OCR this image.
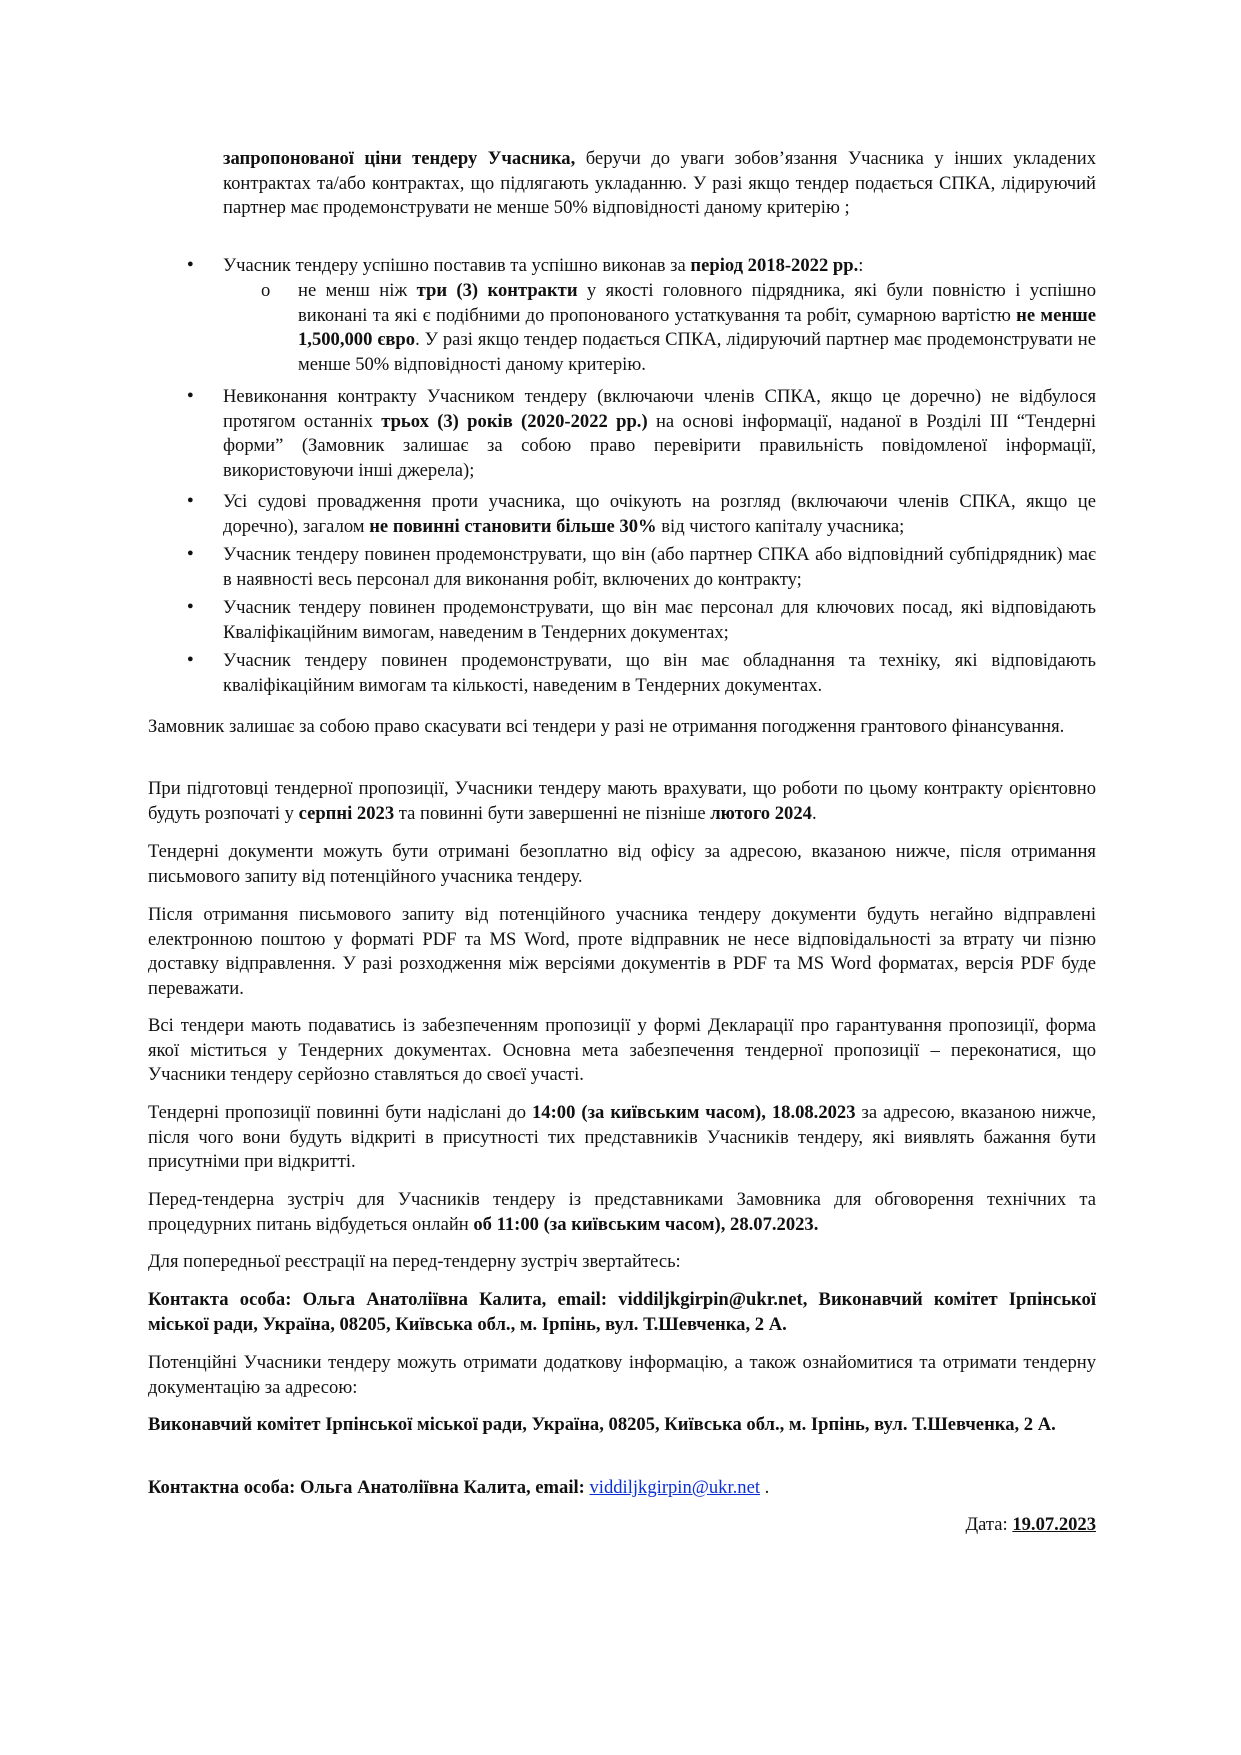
запропонованої ціни тендеру Учасника, беручи до уваги зобов’язання Учасника у інших укладених контрактах та/або контрактах, що підлягають укладанню. У разі якщо тендер подається СПКА, лідируючий партнер має продемонструвати не менше 50% відповідності даному критерію ;

● Учасник тендеру успішно поставив та успішно виконав за період 2018-2022 рр.:

o не менш ніж три (3) контракти у якості головного підрядника, які були повністю і успішно виконані та які є подібними до пропонованого устаткування та робіт, сумарною вартістю не менше 1,500,000 євро. У разі якщо тендер подається СПКА, лідируючий партнер має продемонструвати не менше 50% відповідності даному критерію.

● Невиконання контракту Учасником тендеру (включаючи членів СПКА, якщо це доречно) не відбулося протягом останніх трьох (3) років (2020-2022 рр.) на основі інформації, наданої в Розділі III “Тендерні форми” (Замовник залишає за собою право перевірити правильність повідомленої інформації, використовуючи інші джерела);

● Усі судові провадження проти учасника, що очікують на розгляд (включаючи членів СПКА, якщо це доречно), загалом не повинні становити більше 30% від чистого капіталу учасника;

● Учасник тендеру повинен продемонструвати, що він (або партнер СПКА або відповідний субпідрядник) має в наявності весь персонал для виконання робіт, включених до контракту;

● Учасник тендеру повинен продемонструвати, що він має персонал для ключових посад, які відповідають Кваліфікаційним вимогам, наведеним в Тендерних документах;

● Учасник тендеру повинен продемонструвати, що він має обладнання та техніку, які відповідають кваліфікаційним вимогам та кількості, наведеним в Тендерних документах.

Замовник залишає за собою право скасувати всі тендери у разі не отримання погодження грантового фінансування.

При підготовці тендерної пропозиції, Учасники тендеру мають врахувати, що роботи по цьому контракту орієнтовно будуть розпочаті у серпні 2023 та повинні бути завершенні не пізніше лютого 2024.

Тендерні документи можуть бути отримані безоплатно від офісу за адресою, вказаною нижче, після отримання письмового запиту від потенційного учасника тендеру.

Після отримання письмового запиту від потенційного учасника тендеру документи будуть негайно відправлені електронною поштою у форматі PDF та MS Word, проте відправник не несе відповідальності за втрату чи пізню доставку відправлення. У разі розходження між версіями документів в PDF та MS Word форматах, версія PDF буде переважати.

Всі тендери мають подаватись із забезпеченням пропозиції у формі Декларації про гарантування пропозиції, форма якої міститься у Тендерних документах. Основна мета забезпечення тендерної пропозиції – переконатися, що Учасники тендеру серйозно ставляться до своєї участі.

Тендерні пропозиції повинні бути надіслані до 14:00 (за київським часом), 18.08.2023 за адресою, вказаною нижче, після чого вони будуть відкриті в присутності тих представників Учасників тендеру, які виявлять бажання бути присутніми при відкритті.

Перед-тендерна зустріч для Учасників тендеру із представниками Замовника для обговорення технічних та процедурних питань відбудеться онлайн об 11:00 (за київським часом), 28.07.2023.

Для попередньої реєстрації на перед-тендерну зустріч звертайтесь:

Контакта особа: Ольга Анатоліївна Калита, email: viddiljkgirpin@ukr.net, Виконавчий комітет Ірпінської міської ради, Україна, 08205, Київська обл., м. Ірпінь, вул. Т.Шевченка, 2 А.

Потенційні Учасники тендеру можуть отримати додаткову інформацію, а також ознайомитися та отримати тендерну документацію за адресою:

Виконавчий комітет Ірпінської міської ради, Україна, 08205, Київська обл., м. Ірпінь, вул. Т.Шевченка, 2 А.

Контактна особа: Ольга Анатоліївна Калита, email: viddiljkgirpin@ukr.net .

Дата: 19.07.2023
